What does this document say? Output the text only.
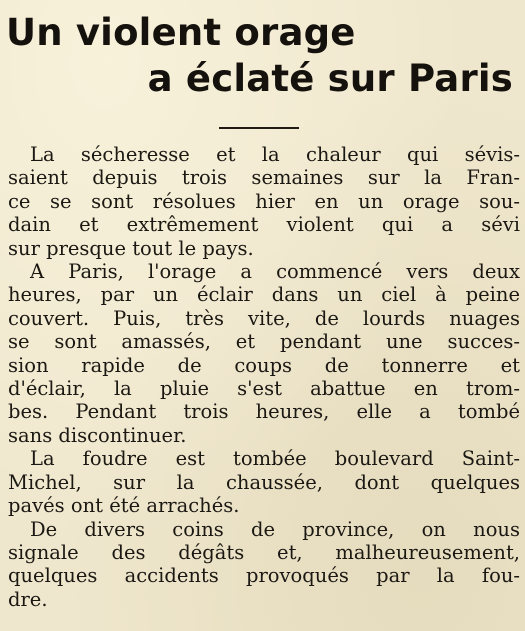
Un violent orage
a éclaté sur Paris

La sécheresse et la chaleur qui sévis-
saient depuis trois semaines sur la Fran-
ce se sont résolues hier en un orage sou-
dain et extrêmement violent qui a sévi
sur presque tout le pays.

A Paris, l'orage a commencé vers deux
heures, par un éclair dans un ciel à peine
couvert. Puis, très vite, de lourds nuages
se sont amassés, et pendant une succes-
sion rapide de coups de tonnerre et
d'éclair, la pluie s'est abattue en trom-
bes. Pendant trois heures, elle a tombé
sans discontinuer.

La foudre est tombée boulevard Saint-
Michel, sur la chaussée, dont quelques
pavés ont été arrachés.

De divers coins de province, on nous
signale des dégâts et, malheureusement,
quelques accidents provoqués par la fou-
dre.
